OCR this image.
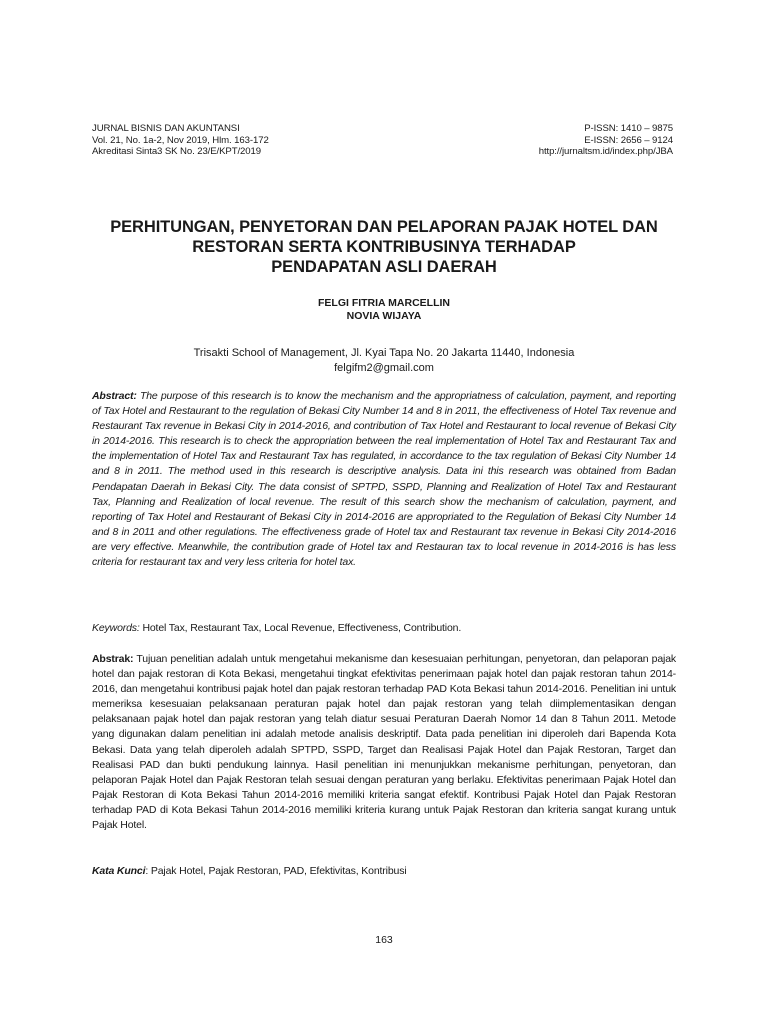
JURNAL BISNIS DAN AKUNTANSI
Vol. 21, No. 1a-2, Nov 2019, Hlm. 163-172
Akreditasi Sinta3 SK No. 23/E/KPT/2019
P-ISSN: 1410 – 9875
E-ISSN: 2656 – 9124
http://jurnaltsm.id/index.php/JBA
PERHITUNGAN, PENYETORAN DAN PELAPORAN PAJAK HOTEL DAN
RESTORAN SERTA KONTRIBUSINYA TERHADAP
PENDAPATAN ASLI DAERAH
FELGI FITRIA MARCELLIN
NOVIA WIJAYA
Trisakti School of Management, Jl. Kyai Tapa No. 20 Jakarta 11440, Indonesia
felgifm2@gmail.com
Abstract: The purpose of this research is to know the mechanism and the appropriatness of calculation, payment, and reporting of Tax Hotel and Restaurant to the regulation of Bekasi City Number 14 and 8 in 2011, the effectiveness of Hotel Tax revenue and Restaurant Tax revenue in Bekasi City in 2014-2016, and contribution of Tax Hotel and Restaurant to local revenue of Bekasi City in 2014-2016. This research is to check the appropriation between the real implementation of Hotel Tax and Restaurant Tax and the implementation of Hotel Tax and Restaurant Tax has regulated, in accordance to the tax regulation of Bekasi City Number 14 and 8 in 2011. The method used in this research is descriptive analysis. Data ini this research was obtained from Badan Pendapatan Daerah in Bekasi City. The data consist of SPTPD, SSPD, Planning and Realization of Hotel Tax and Restaurant Tax, Planning and Realization of local revenue. The result of this search show the mechanism of calculation, payment, and reporting of Tax Hotel and Restaurant of Bekasi City in 2014-2016 are appropriated to the Regulation of Bekasi City Number 14 and 8 in 2011 and other regulations. The effectiveness grade of Hotel tax and Restaurant tax revenue in Bekasi City 2014-2016 are very effective. Meanwhile, the contribution grade of Hotel tax and Restauran tax to local revenue in 2014-2016 is has less criteria for restaurant tax and very less criteria for hotel tax.
Keywords: Hotel Tax, Restaurant Tax, Local Revenue, Effectiveness, Contribution.
Abstrak: Tujuan penelitian adalah untuk mengetahui mekanisme dan kesesuaian perhitungan, penyetoran, dan pelaporan pajak hotel dan pajak restoran di Kota Bekasi, mengetahui tingkat efektivitas penerimaan pajak hotel dan pajak restoran tahun 2014-2016, dan mengetahui kontribusi pajak hotel dan pajak restoran terhadap PAD Kota Bekasi tahun 2014-2016. Penelitian ini untuk memeriksa kesesuaian pelaksanaan peraturan pajak hotel dan pajak restoran yang telah diimplementasikan dengan pelaksanaan pajak hotel dan pajak restoran yang telah diatur sesuai Peraturan Daerah Nomor 14 dan 8 Tahun 2011. Metode yang digunakan dalam penelitian ini adalah metode analisis deskriptif. Data pada penelitian ini diperoleh dari Bapenda Kota Bekasi. Data yang telah diperoleh adalah SPTPD, SSPD, Target dan Realisasi Pajak Hotel dan Pajak Restoran, Target dan Realisasi PAD dan bukti pendukung lainnya. Hasil penelitian ini menunjukkan mekanisme perhitungan, penyetoran, dan pelaporan Pajak Hotel dan Pajak Restoran telah sesuai dengan peraturan yang berlaku. Efektivitas penerimaan Pajak Hotel dan Pajak Restoran di Kota Bekasi Tahun 2014-2016 memiliki kriteria sangat efektif. Kontribusi Pajak Hotel dan Pajak Restoran terhadap PAD di Kota Bekasi Tahun 2014-2016 memiliki kriteria kurang untuk Pajak Restoran dan kriteria sangat kurang untuk Pajak Hotel.
Kata Kunci: Pajak Hotel, Pajak Restoran, PAD, Efektivitas, Kontribusi
163
